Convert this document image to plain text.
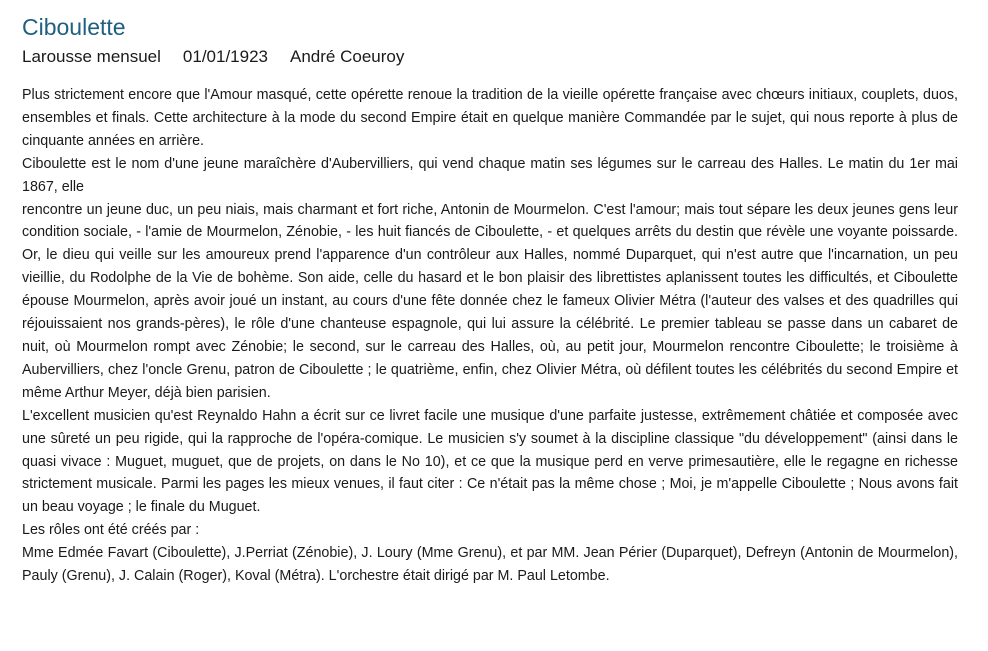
Ciboulette
Larousse mensuel 01/01/1923 André Coeuroy

Plus strictement encore que l'Amour masqué, cette opérette renoue la tradition de la vieille opérette française avec chœurs initiaux, couplets, duos, ensembles et finals. Cette architecture à la mode du second Empire était en quelque manière Commandée par le sujet, qui nous reporte à plus de cinquante années en arrière.

Ciboulette est le nom d'une jeune maraîchère d'Aubervilliers, qui vend chaque matin ses légumes sur le carreau des Halles. Le matin du 1er mai 1867, elle

rencontre un jeune duc, un peu niais, mais charmant et fort riche, Antonin de Mourmelon. C'est l'amour; mais tout sépare les deux jeunes gens leur condition sociale, - l'amie de Mourmelon, Zénobie, - les huit fiancés de Ciboulette, - et quelques arrêts du destin que révèle une voyante poissarde. Or, le dieu qui veille sur les amoureux prend l'apparence d'un contrôleur aux Halles, nommé Duparquet, qui n'est autre que l'incarnation, un peu vieillie, du Rodolphe de la Vie de bohème. Son aide, celle du hasard et le bon plaisir des librettistes aplanissent toutes les difficultés, et Ciboulette épouse Mourmelon, après avoir joué un instant, au cours d'une fête donnée chez le fameux Olivier Métra (l'auteur des valses et des quadrilles qui réjouissaient nos grands-pères), le rôle d'une chanteuse espagnole, qui lui assure la célébrité. Le premier tableau se passe dans un cabaret de nuit, où Mourmelon rompt avec Zénobie; le second, sur le carreau des Halles, où, au petit jour, Mourmelon rencontre Ciboulette; le troisième à Aubervilliers, chez l'oncle Grenu, patron de Ciboulette ; le quatrième, enfin, chez Olivier Métra, où défilent toutes les célébrités du second Empire et même Arthur Meyer, déjà bien parisien.

L'excellent musicien qu'est Reynaldo Hahn a écrit sur ce livret facile une musique d'une parfaite justesse, extrêmement châtiée et composée avec une sûreté un peu rigide, qui la rapproche de l'opéra-comique. Le musicien s'y soumet à la discipline classique "du développement" (ainsi dans le quasi vivace : Muguet, muguet, que de projets, on dans le No 10), et ce que la musique perd en verve primesautière, elle le regagne en richesse strictement musicale. Parmi les pages les mieux venues, il faut citer : Ce n'était pas la même chose ; Moi, je m'appelle Ciboulette ; Nous avons fait un beau voyage ; le finale du Muguet.

Les rôles ont été créés par :

Mme Edmée Favart (Ciboulette), J.Perriat (Zénobie), J. Loury (Mme Grenu), et par MM. Jean Périer (Duparquet), Defreyn (Antonin de Mourmelon), Pauly (Grenu), J. Calain (Roger), Koval (Métra). L'orchestre était dirigé par M. Paul Letombe.
